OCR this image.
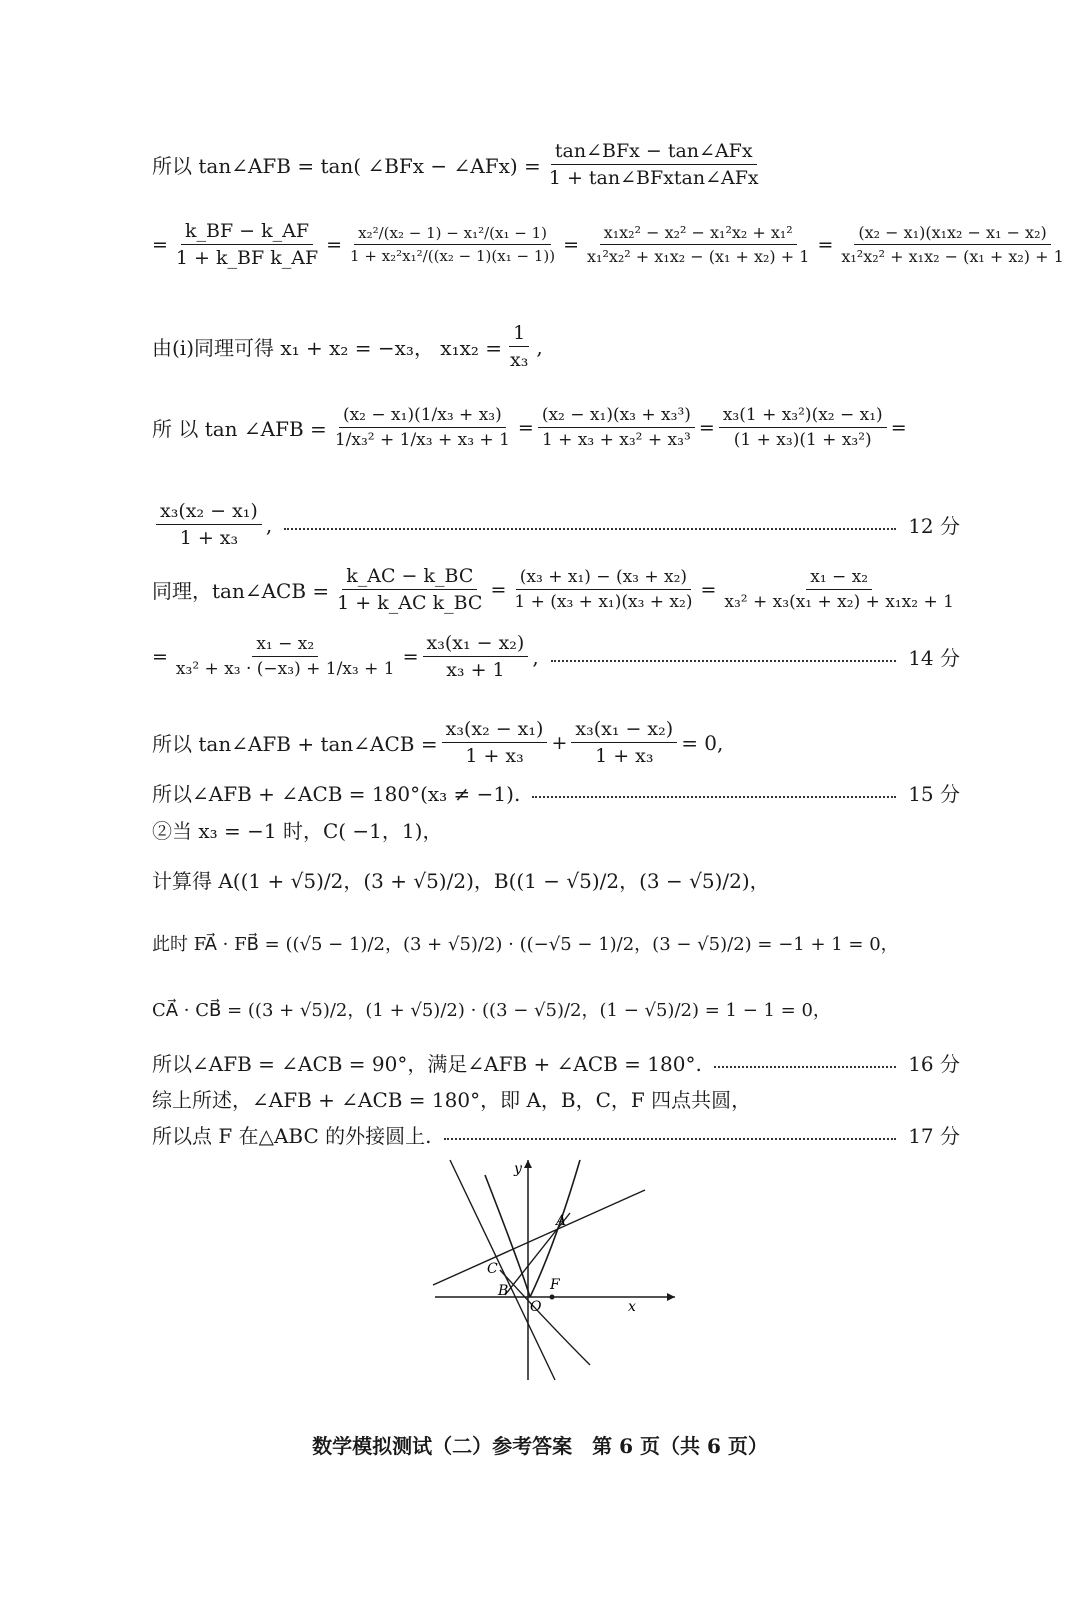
所以 tan∠AFB = tan( ∠BFx − ∠AFx) = $\frac{\text{tan∠BFx − tan∠AFx}}{\text{1 + tan∠BFxtan∠AFx}}$
= $\frac{k\_BF - k\_AF}{\text{1 + k\_BF k\_AF}} = \frac{\text{x₂²/(x₂ − 1) − x₁²/(x₁ − 1)}}{\text{1 + x₂²x₁²/((x₂ − 1)(x₁ − 1))}} = \frac{\text{x₁x₂² − x₂² − x₁²x₂ + x₁²}}{\text{x₁²x₂² + x₁x₂ − (x₁ + x₂) + 1}} = \frac{\text{(x₂ − x₁)(x₁x₂ − x₁ − x₂)}}{\text{x₁²x₂² + x₁x₂ − (x₁ + x₂) + 1}}$
由(i)同理可得 x₁ + x₂ = −x₃， $x_1x_2 = \frac{1}{\text{x₃}}$ ,
所 以 tan ∠AFB = $\frac{\text{(x₂ − x₁)(1/x₃ + x₃)}}{\text{1/x₃² + 1/x₃ + x₃ + 1}} = \frac{\text{(x₂ − x₁)(x₃ + x₃³)}}{\text{1 + x₃ + x₃² + x₃³}} = \frac{\text{x₃(1 + x₃²)(x₂ − x₁)}}{\text{(1 + x₃)(1 + x₃²)}}$ =
$\frac{\text{x₃(x₂ − x₁)}}{\text{1 + x₃}}$ ,	12 分
同理，tan∠ACB = $\frac{k\_AC - k\_BC}{\text{1 + k\_AC k\_BC}} = \frac{\text{(x₃ + x₁) − (x₃ + x₂)}}{\text{1 + (x₃ + x₁)(x₃ + x₂)}} = \frac{\text{x₁ − x₂}}{\text{x₃² + x₃(x₁ + x₂) + x₁x₂ + 1}}$
= $\frac{\text{x₁ − x₂}}{\text{x₃² + x₃ · (−x₃) + 1/x₃ + 1}} = \frac{\text{x₃(x₁ − x₂)}}{\text{x₃ + 1}}$ ,	14 分
所以 tan∠AFB + tan∠ACB = $\frac{\text{x₃(x₂ − x₁)}}{\text{1 + x₃}} + \frac{\text{x₃(x₁ − x₂)}}{\text{1 + x₃}} = 0$,
所以∠AFB + ∠ACB = 180°(x₃ ≠ −1).	15 分
②当 x₃ = −1 时，C( −1，1)，
计算得 A((1 + √5)/2，(3 + √5)/2)，B((1 − √5)/2，(3 − √5)/2)，
此时 FA⃗ · FB⃗ = ((√5 − 1)/2，(3 + √5)/2) · ((−√5 − 1)/2，(3 − √5)/2) = −1 + 1 = 0，
CA⃗ · CB⃗ = ((3 + √5)/2，(1 + √5)/2) · ((3 − √5)/2，(1 − √5)/2) = 1 − 1 = 0，
所以∠AFB = ∠ACB = 90°，满足∠AFB + ∠ACB = 180°.	16 分
综上所述，∠AFB + ∠ACB = 180°，即 A，B，C，F 四点共圆，
所以点 F 在△ABC 的外接圆上.	17 分
y
x
A
B
C
F
O
数学模拟测试（二）参考答案　第 6 页（共 6 页）
